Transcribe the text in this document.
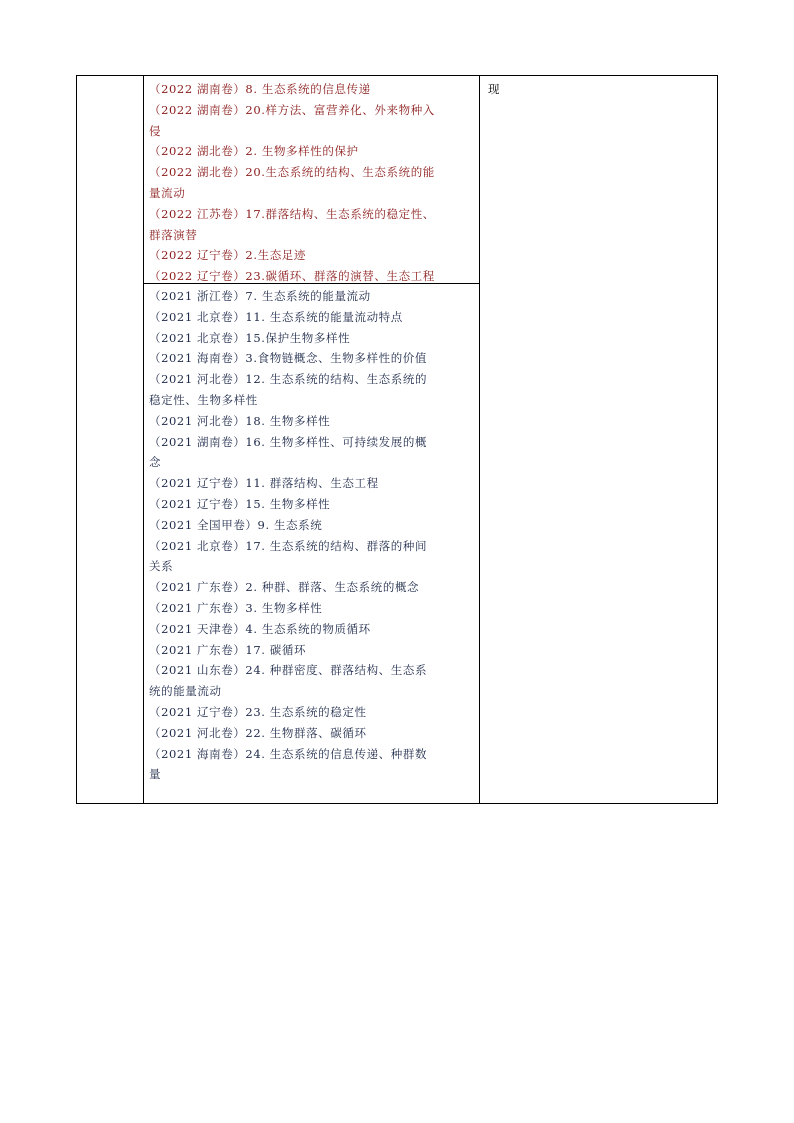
（2022 湖南卷）8. 生态系统的信息传递
（2022 湖南卷）20.样方法、富营养化、外来物种入
侵
（2022 湖北卷）2. 生物多样性的保护
（2022 湖北卷）20.生态系统的结构、生态系统的能
量流动
（2022 江苏卷）17.群落结构、生态系统的稳定性、
群落演替
（2022 辽宁卷）2.生态足迹
（2022 辽宁卷）23.碳循环、群落的演替、生态工程
（2021 浙江卷）7. 生态系统的能量流动
（2021 北京卷）11. 生态系统的能量流动特点
（2021 北京卷）15.保护生物多样性
（2021 海南卷）3.食物链概念、生物多样性的价值
（2021 河北卷）12. 生态系统的结构、生态系统的
稳定性、生物多样性
（2021 河北卷）18. 生物多样性
（2021 湖南卷）16. 生物多样性、可持续发展的概
念
（2021 辽宁卷）11. 群落结构、生态工程
（2021 辽宁卷）15. 生物多样性
（2021 全国甲卷）9. 生态系统
（2021 北京卷）17. 生态系统的结构、群落的种间
关系
（2021 广东卷）2. 种群、群落、生态系统的概念
（2021 广东卷）3. 生物多样性
（2021 天津卷）4. 生态系统的物质循环
（2021 广东卷）17. 碳循环
（2021 山东卷）24. 种群密度、群落结构、生态系
统的能量流动
（2021 辽宁卷）23. 生态系统的稳定性
（2021 河北卷）22. 生物群落、碳循环
（2021 海南卷）24. 生态系统的信息传递、种群数
量
现
